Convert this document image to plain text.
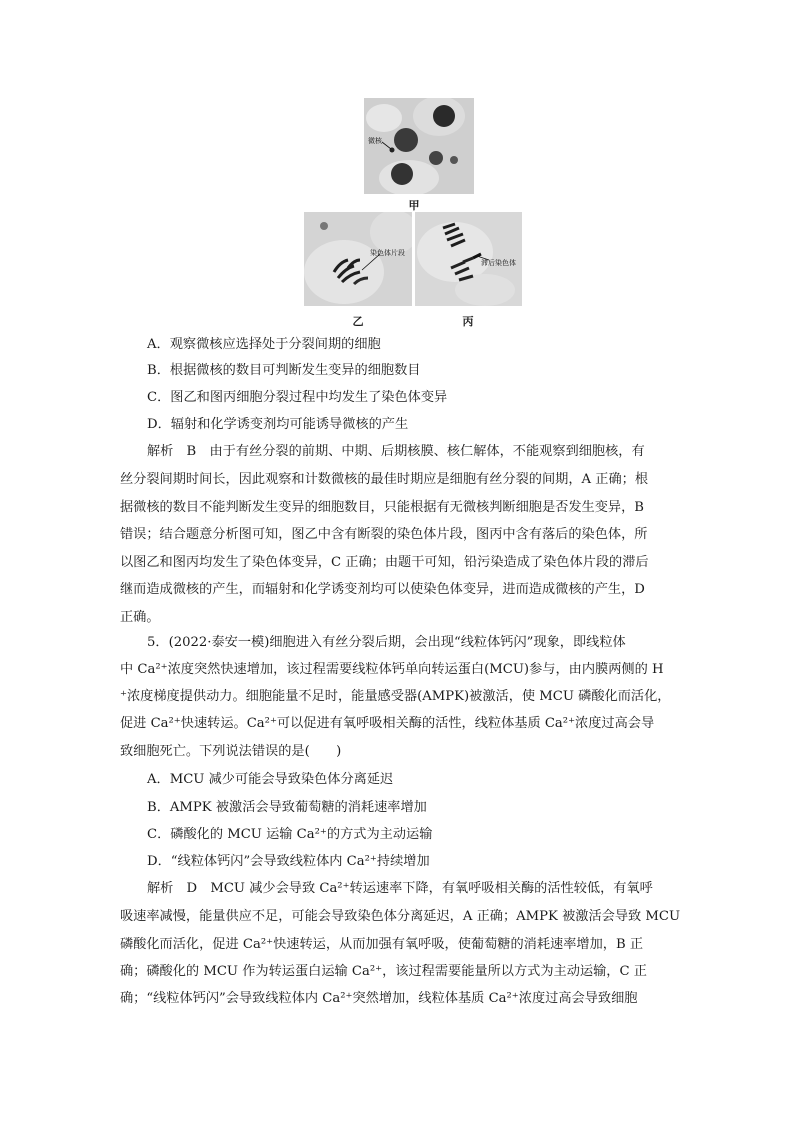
微核
甲
染色体片段
乙
滞后染色体
丙
A．观察微核应选择处于分裂间期的细胞
B．根据微核的数目可判断发生变异的细胞数目
C．图乙和图丙细胞分裂过程中均发生了染色体变异
D．辐射和化学诱变剂均可能诱导微核的产生
解析　B　由于有丝分裂的前期、中期、后期核膜、核仁解体，不能观察到细胞核，有
丝分裂间期时间长，因此观察和计数微核的最佳时期应是细胞有丝分裂的间期，A 正确；根
据微核的数目不能判断发生变异的细胞数目，只能根据有无微核判断细胞是否发生变异，B
错误；结合题意分析图可知，图乙中含有断裂的染色体片段，图丙中含有落后的染色体，所
以图乙和图丙均发生了染色体变异，C 正确；由题干可知，铅污染造成了染色体片段的滞后
继而造成微核的产生，而辐射和化学诱变剂均可以使染色体变异，进而造成微核的产生，D
正确。
5．(2022·泰安一模)细胞进入有丝分裂后期，会出现“线粒体钙闪”现象，即线粒体
中 Ca²⁺浓度突然快速增加，该过程需要线粒体钙单向转运蛋白(MCU)参与，由内膜两侧的 H
⁺浓度梯度提供动力。细胞能量不足时，能量感受器(AMPK)被激活，使 MCU 磷酸化而活化，
促进 Ca²⁺快速转运。Ca²⁺可以促进有氧呼吸相关酶的活性，线粒体基质 Ca²⁺浓度过高会导
致细胞死亡。下列说法错误的是(　　)
A．MCU 减少可能会导致染色体分离延迟
B．AMPK 被激活会导致葡萄糖的消耗速率增加
C．磷酸化的 MCU 运输 Ca²⁺的方式为主动运输
D．“线粒体钙闪”会导致线粒体内 Ca²⁺持续增加
解析　D　MCU 减少会导致 Ca²⁺转运速率下降，有氧呼吸相关酶的活性较低，有氧呼
吸速率减慢，能量供应不足，可能会导致染色体分离延迟，A 正确；AMPK 被激活会导致 MCU
磷酸化而活化，促进 Ca²⁺快速转运，从而加强有氧呼吸，使葡萄糖的消耗速率增加，B 正
确；磷酸化的 MCU 作为转运蛋白运输 Ca²⁺，该过程需要能量所以方式为主动运输，C 正
确；“线粒体钙闪”会导致线粒体内 Ca²⁺突然增加，线粒体基质 Ca²⁺浓度过高会导致细胞
